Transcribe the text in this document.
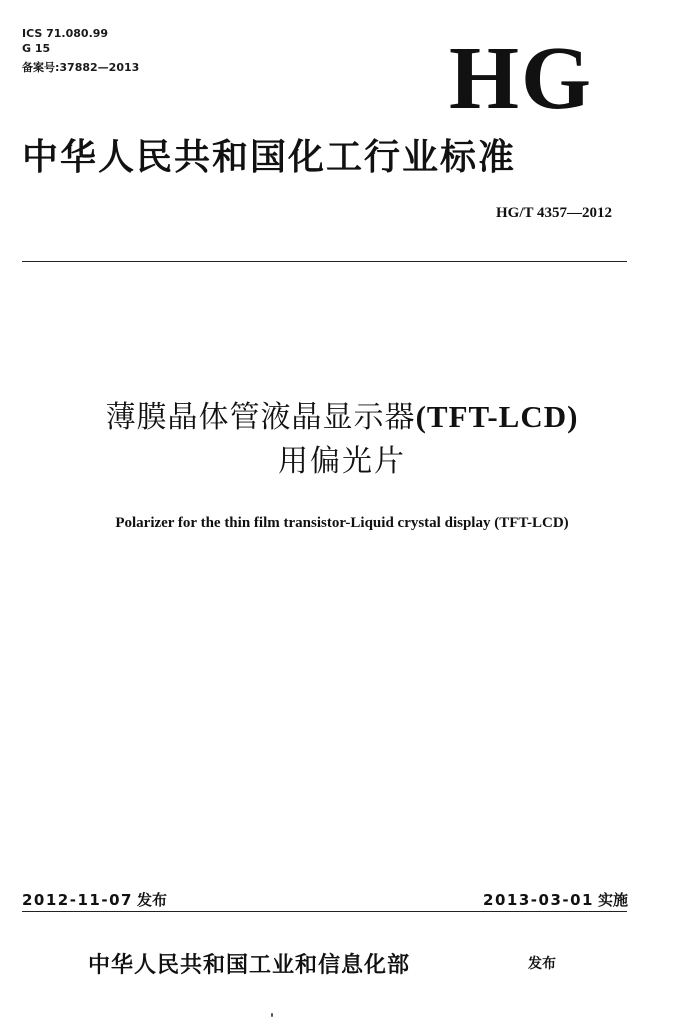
ICS 71.080.99
G 15
备案号:37882—2013	HG
中华人民共和国化工行业标准
HG/T 4357—2012
薄膜晶体管液晶显示器(TFT-LCD)
用偏光片
Polarizer for the thin film transistor-Liquid crystal display (TFT-LCD)
2012-11-07 发布	2013-03-01 实施
中华人民共和国工业和信息化部	发布
